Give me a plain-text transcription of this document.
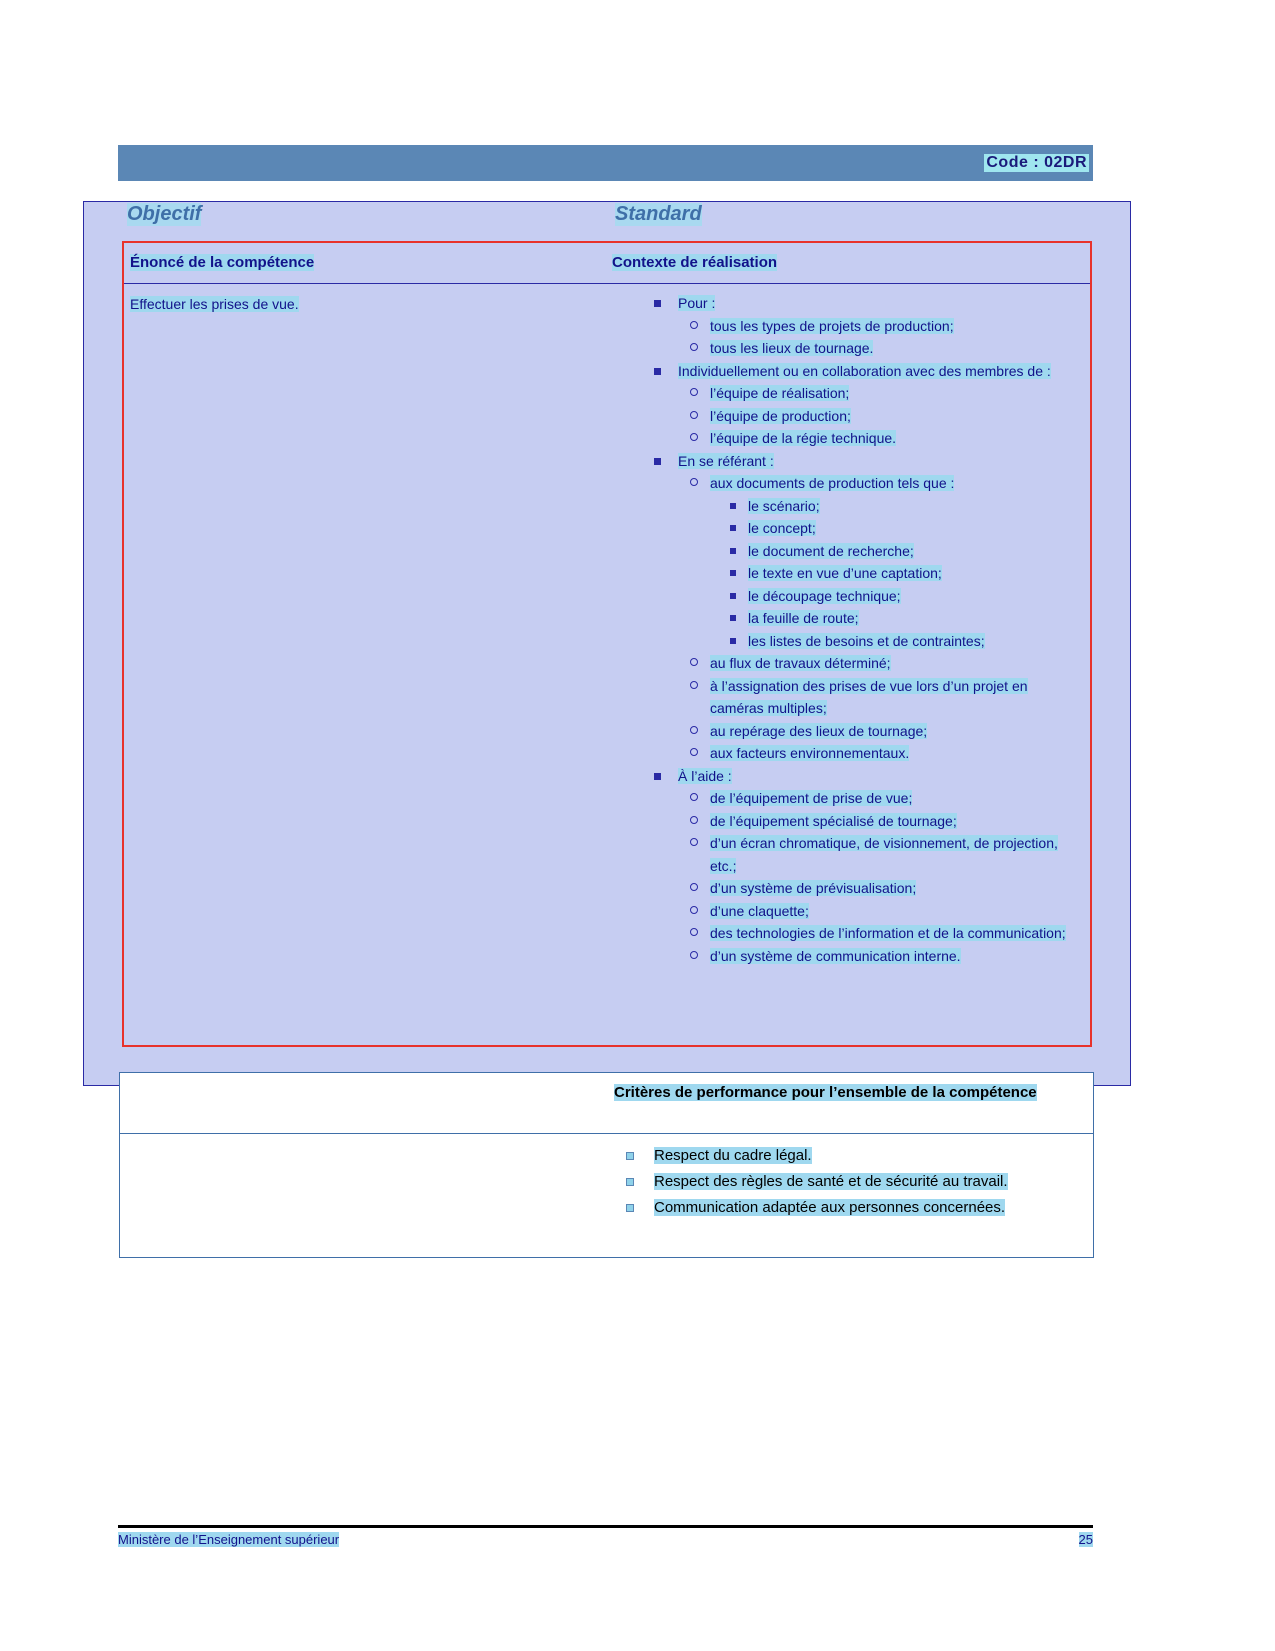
Code : 02DR
Objectif	Standard
Énoncé de la compétence	Contexte de réalisation
Effectuer les prises de vue.	Pour :
tous les types de projets de production;
tous les lieux de tournage.
Individuellement ou en collaboration avec des membres de :
l’équipe de réalisation;
l’équipe de production;
l’équipe de la régie technique.
En se référant :
aux documents de production tels que :
le scénario;
le concept;
le document de recherche;
le texte en vue d’une captation;
le découpage technique;
la feuille de route;
les listes de besoins et de contraintes;
au flux de travaux déterminé;
à l’assignation des prises de vue lors d’un projet en caméras multiples;
au repérage des lieux de tournage;
aux facteurs environnementaux.
À l’aide :
de l’équipement de prise de vue;
de l’équipement spécialisé de tournage;
d’un écran chromatique, de visionnement, de projection, etc.;
d’un système de prévisualisation;
d’une claquette;
des technologies de l’information et de la communication;
d’un système de communication interne.
Critères de performance pour l’ensemble de la compétence
Respect du cadre légal.
Respect des règles de santé et de sécurité au travail.
Communication adaptée aux personnes concernées.
Ministère de l’Enseignement supérieur	25
